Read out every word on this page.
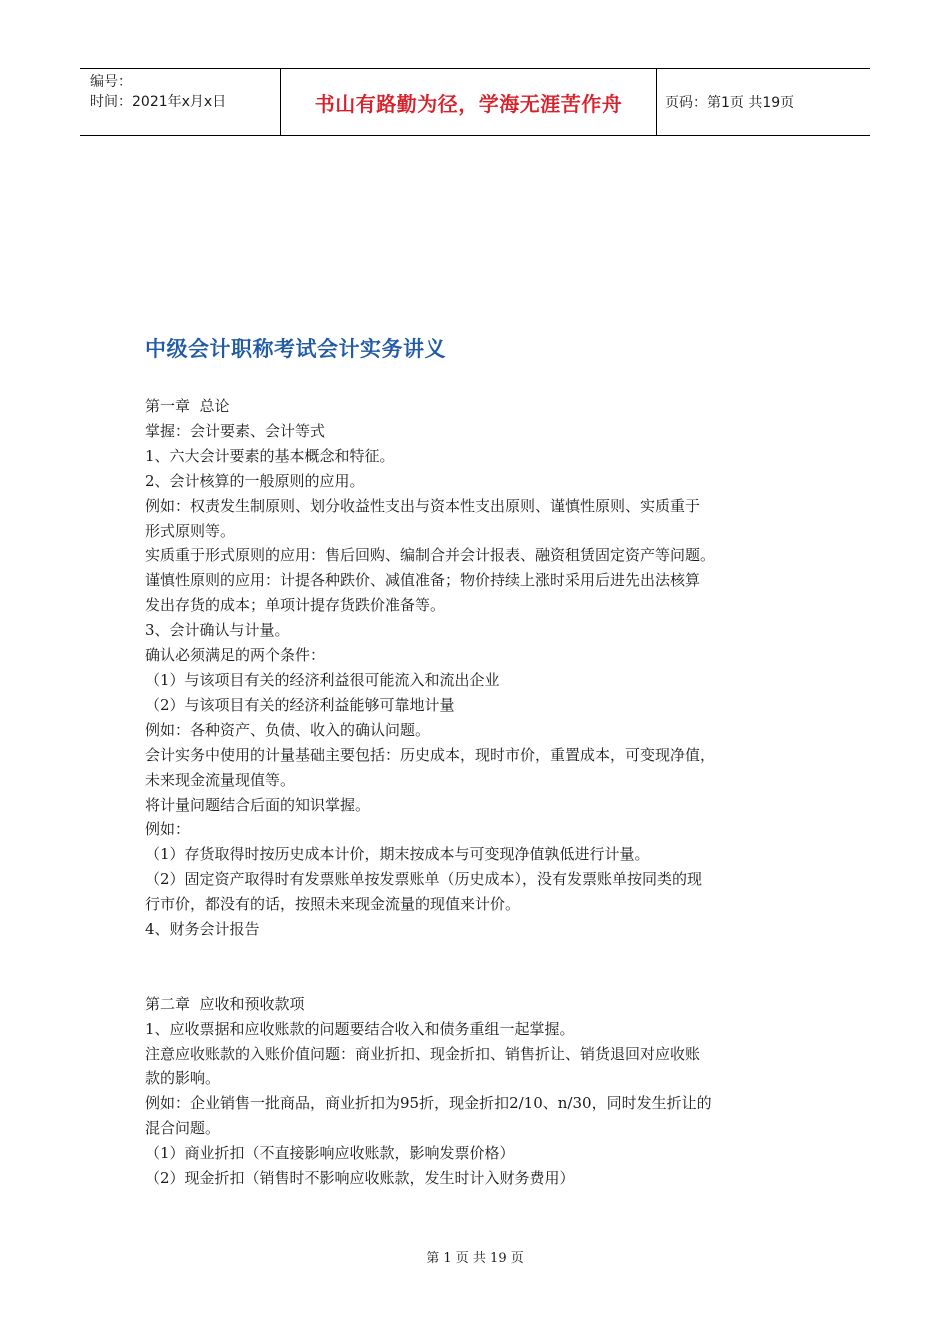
编号：
时间：2021年x月x日	书山有路勤为径，学海无涯苦作舟	页码：第1页 共19页
中级会计职称考试会计实务讲义

第一章  总论

掌握：会计要素、会计等式

1、六大会计要素的基本概念和特征。

2、会计核算的一般原则的应用。

例如：权责发生制原则、划分收益性支出与资本性支出原则、谨慎性原则、实质重于

形式原则等。

实质重于形式原则的应用：售后回购、编制合并会计报表、融资租赁固定资产等问题。

谨慎性原则的应用：计提各种跌价、减值准备；物价持续上涨时采用后进先出法核算

发出存货的成本；单项计提存货跌价准备等。

3、会计确认与计量。

确认必须满足的两个条件：

（1）与该项目有关的经济利益很可能流入和流出企业

（2）与该项目有关的经济利益能够可靠地计量

例如：各种资产、负债、收入的确认问题。

会计实务中使用的计量基础主要包括：历史成本，现时市价，重置成本，可变现净值，

未来现金流量现值等。

将计量问题结合后面的知识掌握。

例如：

（1）存货取得时按历史成本计价，期末按成本与可变现净值孰低进行计量。

（2）固定资产取得时有发票账单按发票账单（历史成本），没有发票账单按同类的现

行市价，都没有的话，按照未来现金流量的现值来计价。

4、财务会计报告

第二章  应收和预收款项

1、应收票据和应收账款的问题要结合收入和债务重组一起掌握。

注意应收账款的入账价值问题：商业折扣、现金折扣、销售折让、销货退回对应收账

款的影响。

例如：企业销售一批商品，商业折扣为95折，现金折扣2/10、n/30，同时发生折让的

混合问题。

（1）商业折扣（不直接影响应收账款，影响发票价格）

（2）现金折扣（销售时不影响应收账款，发生时计入财务费用）

第 1 页 共 19 页
